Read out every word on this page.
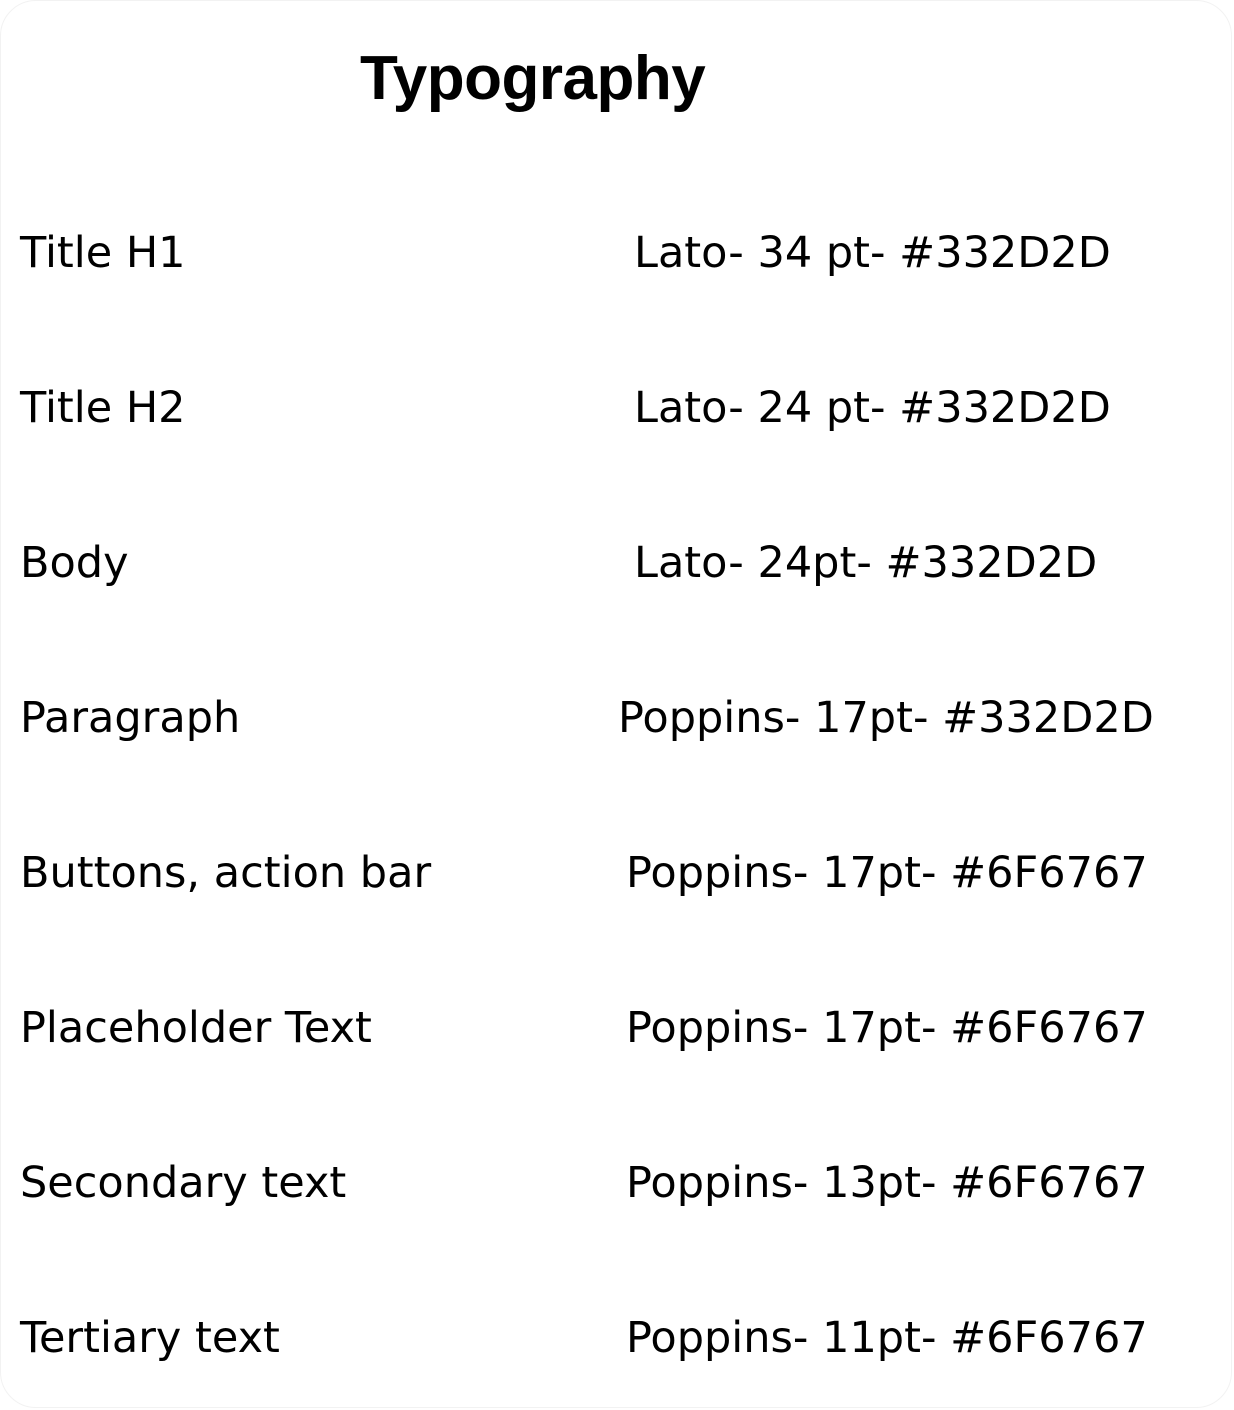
Typography
Title H1	Lato- 34 pt- #332D2D
Title H2	Lato- 24 pt- #332D2D
Body	Lato- 24pt- #332D2D
Paragraph	Poppins- 17pt- #332D2D
Buttons, action bar	Poppins- 17pt- #6F6767
Placeholder Text	Poppins- 17pt- #6F6767
Secondary text	Poppins- 13pt- #6F6767
Tertiary text	Poppins- 11pt- #6F6767
